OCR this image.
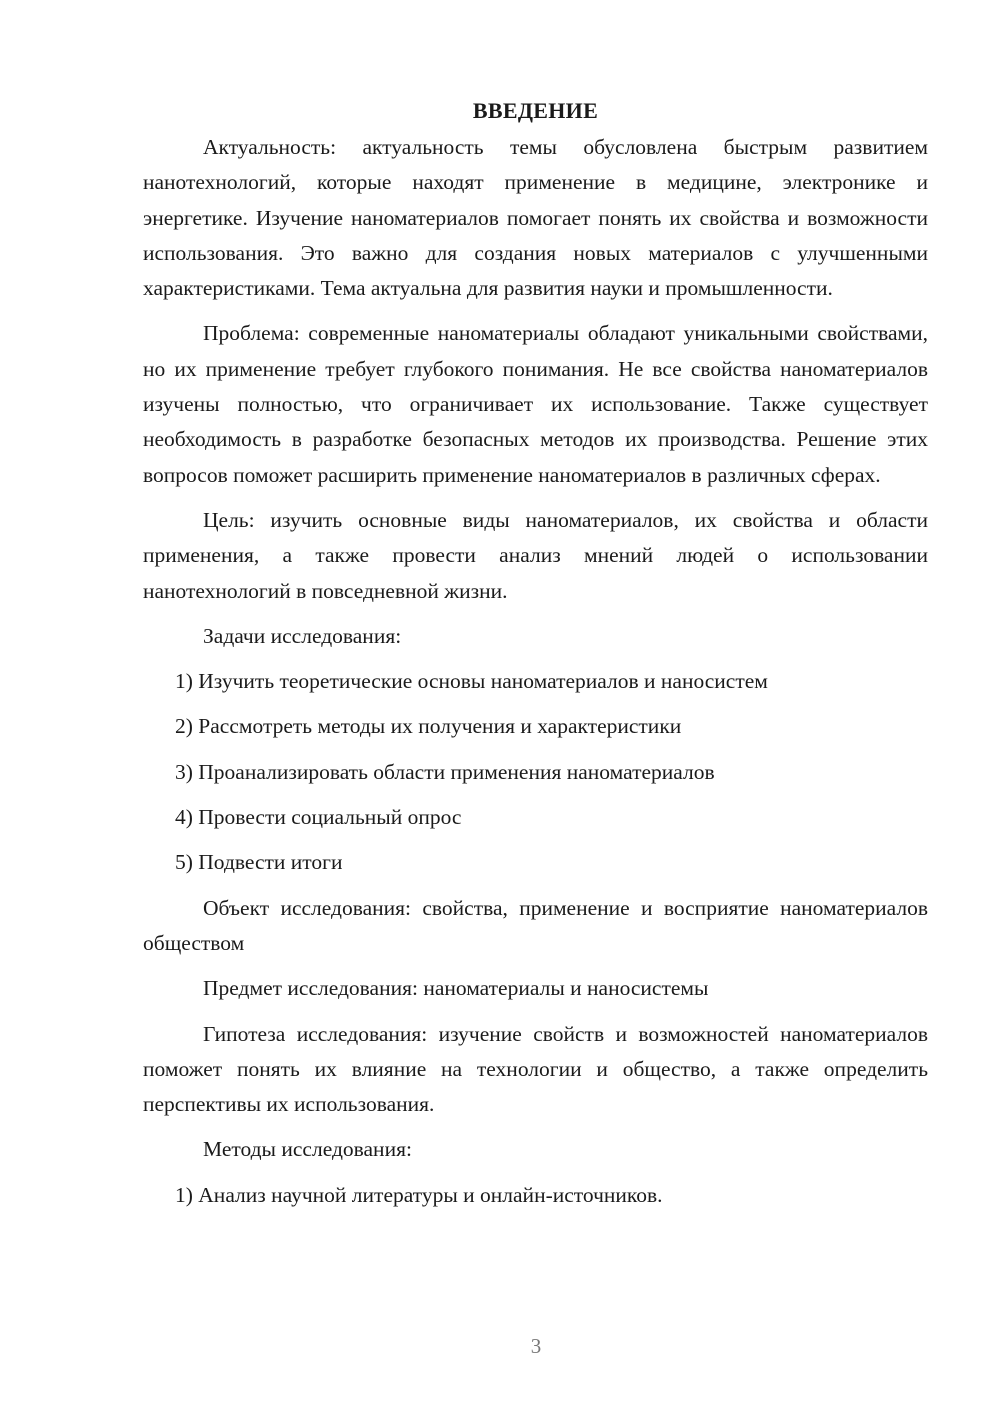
ВВЕДЕНИЕ

Актуальность: актуальность темы обусловлена быстрым развитием нанотехнологий, которые находят применение в медицине, электронике и энергетике. Изучение наноматериалов помогает понять их свойства и возможности использования. Это важно для создания новых материалов с улучшенными характеристиками. Тема актуальна для развития науки и промышленности.

Проблема: современные наноматериалы обладают уникальными свойствами, но их применение требует глубокого понимания. Не все свойства наноматериалов изучены полностью, что ограничивает их использование. Также существует необходимость в разработке безопасных методов их производства. Решение этих вопросов поможет расширить применение наноматериалов в различных сферах.

Цель: изучить основные виды наноматериалов, их свойства и области применения, а также провести анализ мнений людей о использовании нанотехнологий в повседневной жизни.

Задачи исследования:

1) Изучить теоретические основы наноматериалов и наносистем

2) Рассмотреть методы их получения и характеристики

3) Проанализировать области применения наноматериалов

4) Провести социальный опрос

5) Подвести итоги

Объект исследования: свойства, применение и восприятие наноматериалов обществом

Предмет исследования: наноматериалы и наносистемы

Гипотеза исследования: изучение свойств и возможностей наноматериалов поможет понять их влияние на технологии и общество, а также определить перспективы их использования.

Методы исследования:

1) Анализ научной литературы и онлайн-источников.

3
